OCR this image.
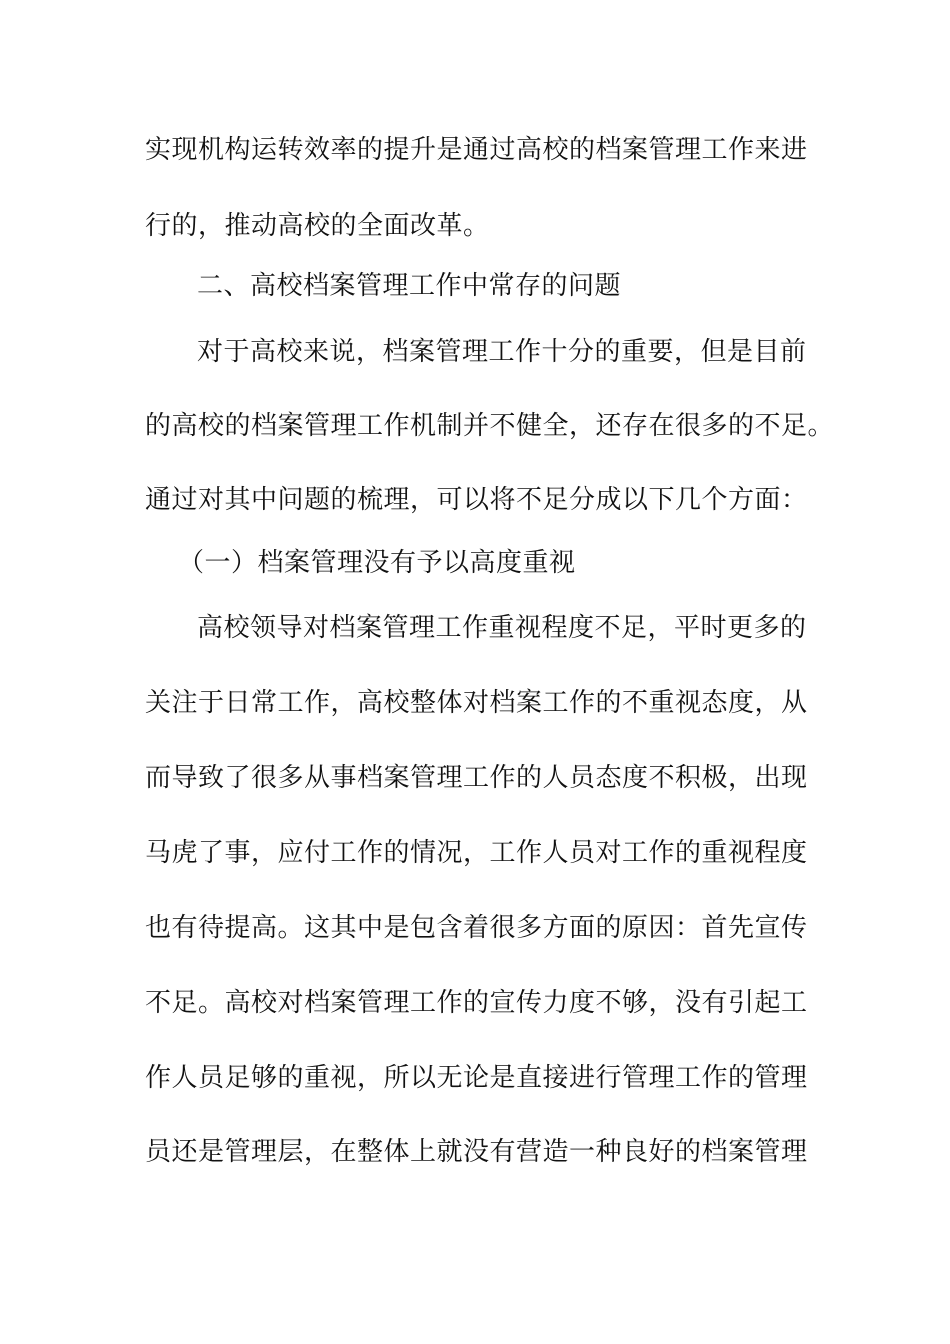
实现机构运转效率的提升是通过高校的档案管理工作来进

行的，推动高校的全面改革。

二、高校档案管理工作中常存的问题

对于高校来说，档案管理工作十分的重要，但是目前

的高校的档案管理工作机制并不健全，还存在很多的不足。

通过对其中问题的梳理，可以将不足分成以下几个方面：

（一）档案管理没有予以高度重视

高校领导对档案管理工作重视程度不足，平时更多的

关注于日常工作，高校整体对档案工作的不重视态度，从

而导致了很多从事档案管理工作的人员态度不积极，出现

马虎了事，应付工作的情况，工作人员对工作的重视程度

也有待提高。这其中是包含着很多方面的原因：首先宣传

不足。高校对档案管理工作的宣传力度不够，没有引起工

作人员足够的重视，所以无论是直接进行管理工作的管理

员还是管理层，在整体上就没有营造一种良好的档案管理
